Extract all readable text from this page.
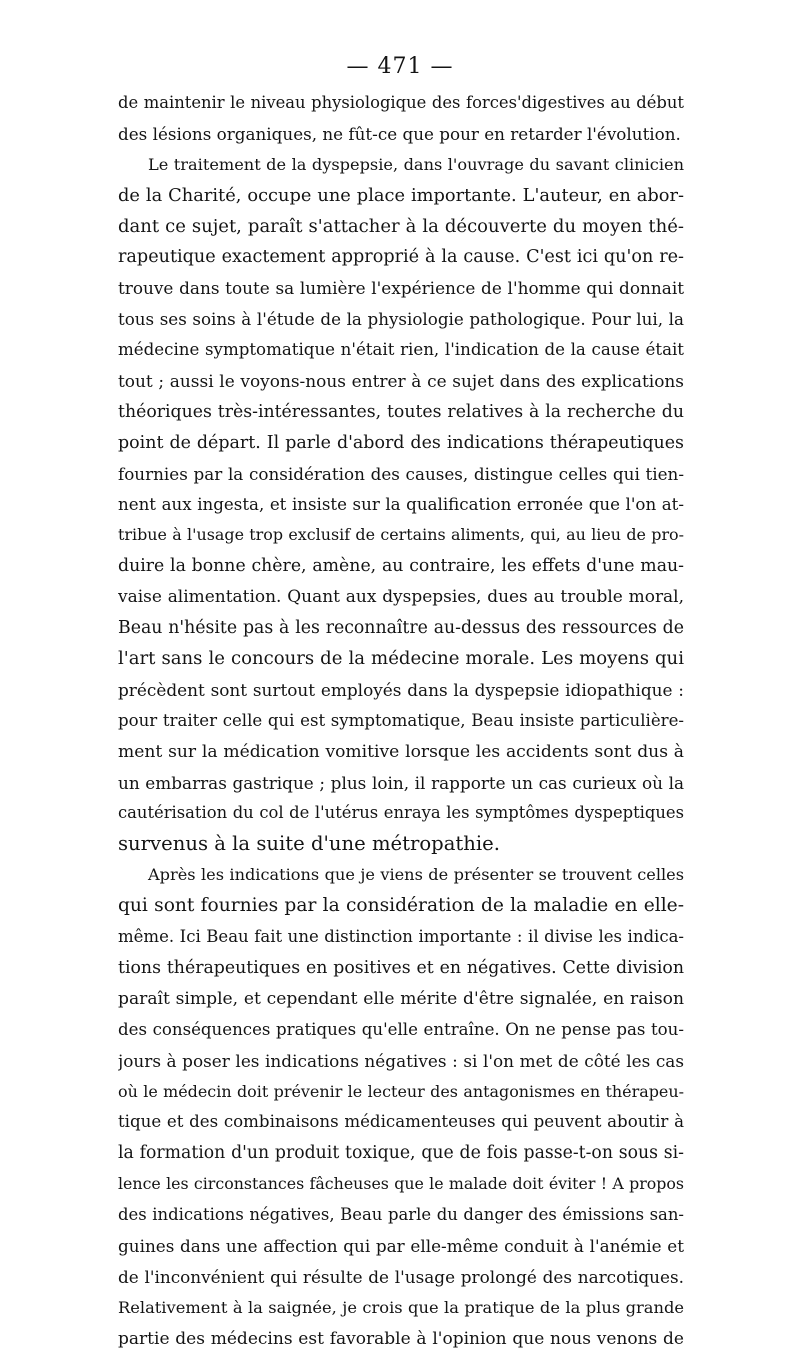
— 471 —
de maintenir le niveau physiologique des forces'digestives au début
des lésions organiques, ne fût-ce que pour en retarder l'évolution.
Le traitement de la dyspepsie, dans l'ouvrage du savant clinicien
de la Charité, occupe une place importante. L'auteur, en abor-
dant ce sujet, paraît s'attacher à la découverte du moyen thé-
rapeutique exactement approprié à la cause. C'est ici qu'on re-
trouve dans toute sa lumière l'expérience de l'homme qui donnait
tous ses soins à l'étude de la physiologie pathologique. Pour lui, la
médecine symptomatique n'était rien, l'indication de la cause était
tout ; aussi le voyons-nous entrer à ce sujet dans des explications
théoriques très-intéressantes, toutes relatives à la recherche du
point de départ. Il parle d'abord des indications thérapeutiques
fournies par la considération des causes, distingue celles qui tien-
nent aux ingesta, et insiste sur la qualification erronée que l'on at-
tribue à l'usage trop exclusif de certains aliments, qui, au lieu de pro-
duire la bonne chère, amène, au contraire, les effets d'une mau-
vaise alimentation. Quant aux dyspepsies, dues au trouble moral,
Beau n'hésite pas à les reconnaître au-dessus des ressources de
l'art sans le concours de la médecine morale. Les moyens qui
précèdent sont surtout employés dans la dyspepsie idiopathique :
pour traiter celle qui est symptomatique, Beau insiste particulière-
ment sur la médication vomitive lorsque les accidents sont dus à
un embarras gastrique ; plus loin, il rapporte un cas curieux où la
cautérisation du col de l'utérus enraya les symptômes dyspeptiques
survenus à la suite d'une métropathie.
Après les indications que je viens de présenter se trouvent celles
qui sont fournies par la considération de la maladie en elle-
même. Ici Beau fait une distinction importante : il divise les indica-
tions thérapeutiques en positives et en négatives. Cette division
paraît simple, et cependant elle mérite d'être signalée, en raison
des conséquences pratiques qu'elle entraîne. On ne pense pas tou-
jours à poser les indications négatives : si l'on met de côté les cas
où le médecin doit prévenir le lecteur des antagonismes en thérapeu-
tique et des combinaisons médicamenteuses qui peuvent aboutir à
la formation d'un produit toxique, que de fois passe-t-on sous si-
lence les circonstances fâcheuses que le malade doit éviter ! A propos
des indications négatives, Beau parle du danger des émissions san-
guines dans une affection qui par elle-même conduit à l'anémie et
de l'inconvénient qui résulte de l'usage prolongé des narcotiques.
Relativement à la saignée, je crois que la pratique de la plus grande
partie des médecins est favorable à l'opinion que nous venons de
